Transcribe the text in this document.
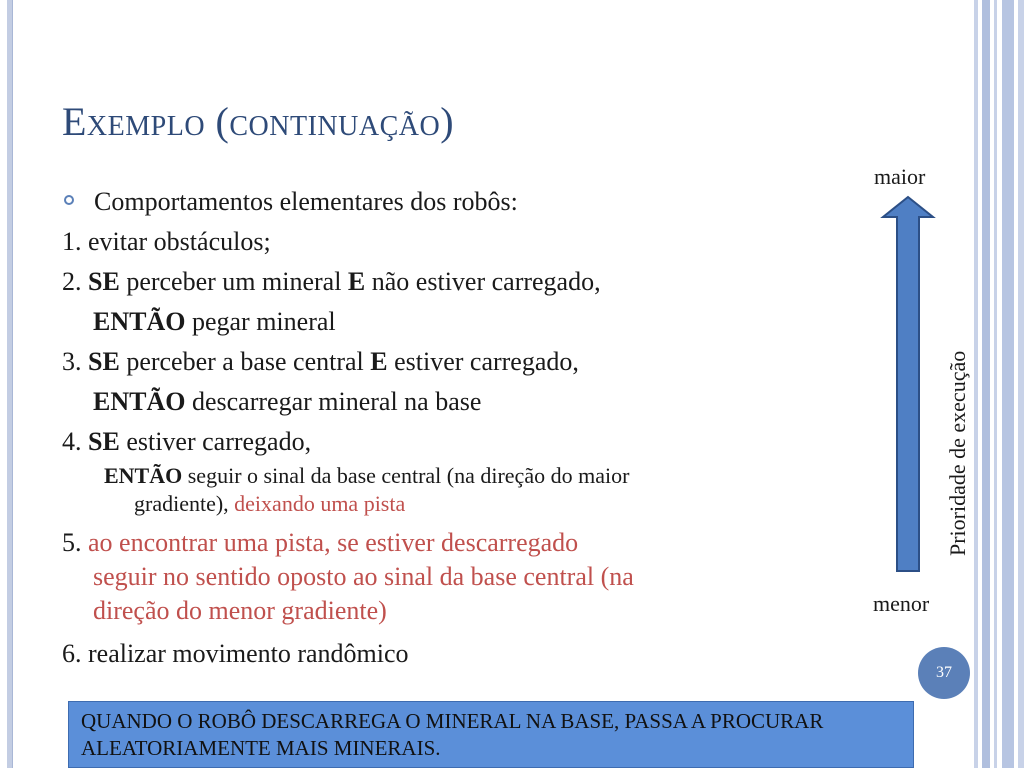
Exemplo (continuação)
Comportamentos elementares dos robôs:
1. evitar obstáculos;
2. SE perceber um mineral E não estiver carregado,
ENTÃO pegar mineral
3. SE perceber a base central E estiver carregado,
ENTÃO descarregar mineral na base
4. SE estiver carregado,
ENTÃO seguir o sinal da base central (na direção do maior
gradiente), deixando uma pista
5. ao encontrar uma pista, se estiver descarregado
seguir no sentido oposto ao sinal da base central (na
direção do menor gradiente)
6. realizar movimento randômico
maior
menor
Prioridade de execução
37
QUANDO O ROBÔ DESCARREGA O MINERAL NA BASE, PASSA A PROCURAR ALEATORIAMENTE MAIS MINERAIS.
